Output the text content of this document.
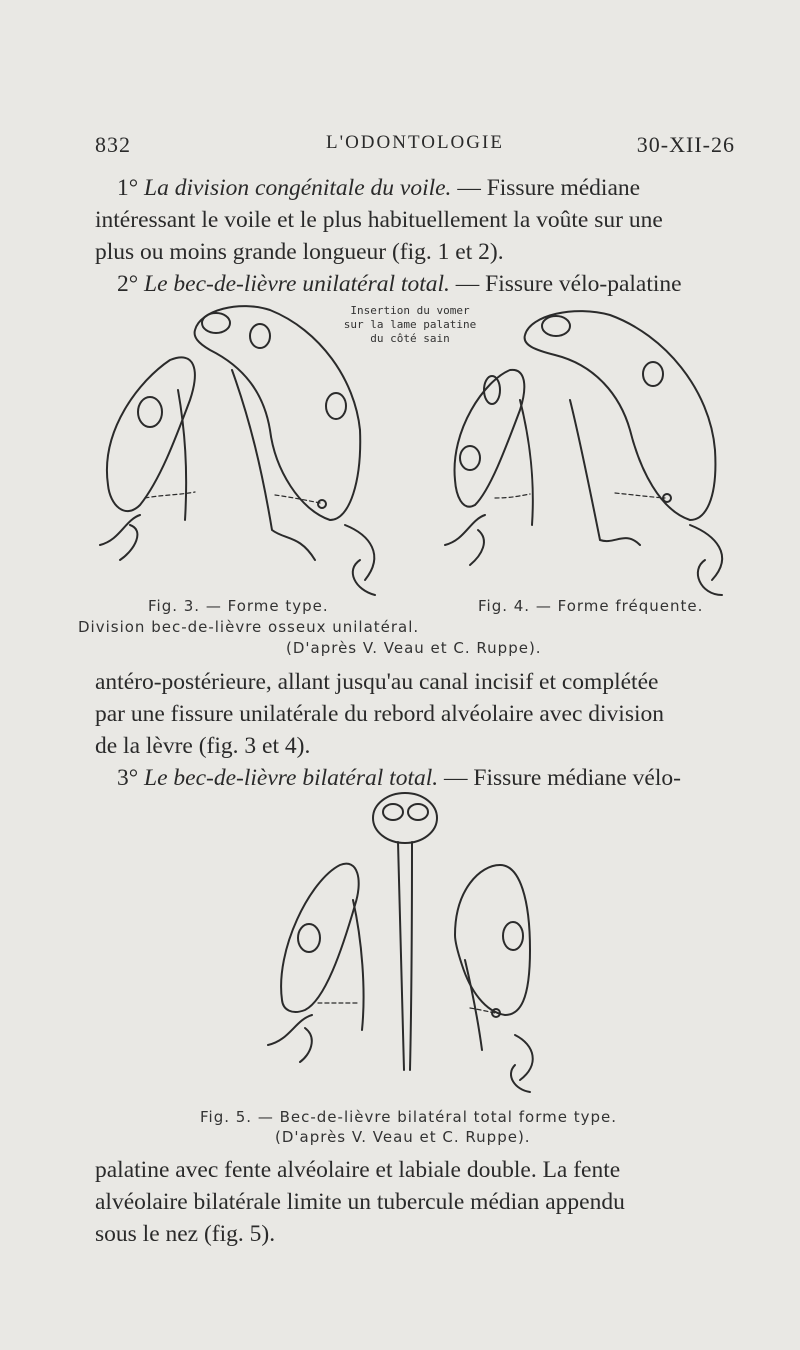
832	L'ODONTOLOGIE	30-XII-26
1° La division congénitale du voile. — Fissure médiane
intéressant le voile et le plus habituellement la voûte sur une
plus ou moins grande longueur (fig. 1 et 2).
2° Le bec-de-lièvre unilatéral total. — Fissure vélo-palatine
Insertion du vomer
sur la lame palatine
du côté sain
Fig. 3. — Forme type.	Fig. 4. — Forme fréquente.
Division bec-de-lièvre osseux unilatéral.
(D'après V. Veau et C. Ruppe).
antéro-postérieure, allant jusqu'au canal incisif et complétée
par une fissure unilatérale du rebord alvéolaire avec division
de la lèvre (fig. 3 et 4).
3° Le bec-de-lièvre bilatéral total. — Fissure médiane vélo-
Fig. 5. — Bec-de-lièvre bilatéral total forme type.
(D'après V. Veau et C. Ruppe).
palatine avec fente alvéolaire et labiale double. La fente
alvéolaire bilatérale limite un tubercule médian appendu
sous le nez (fig. 5).
